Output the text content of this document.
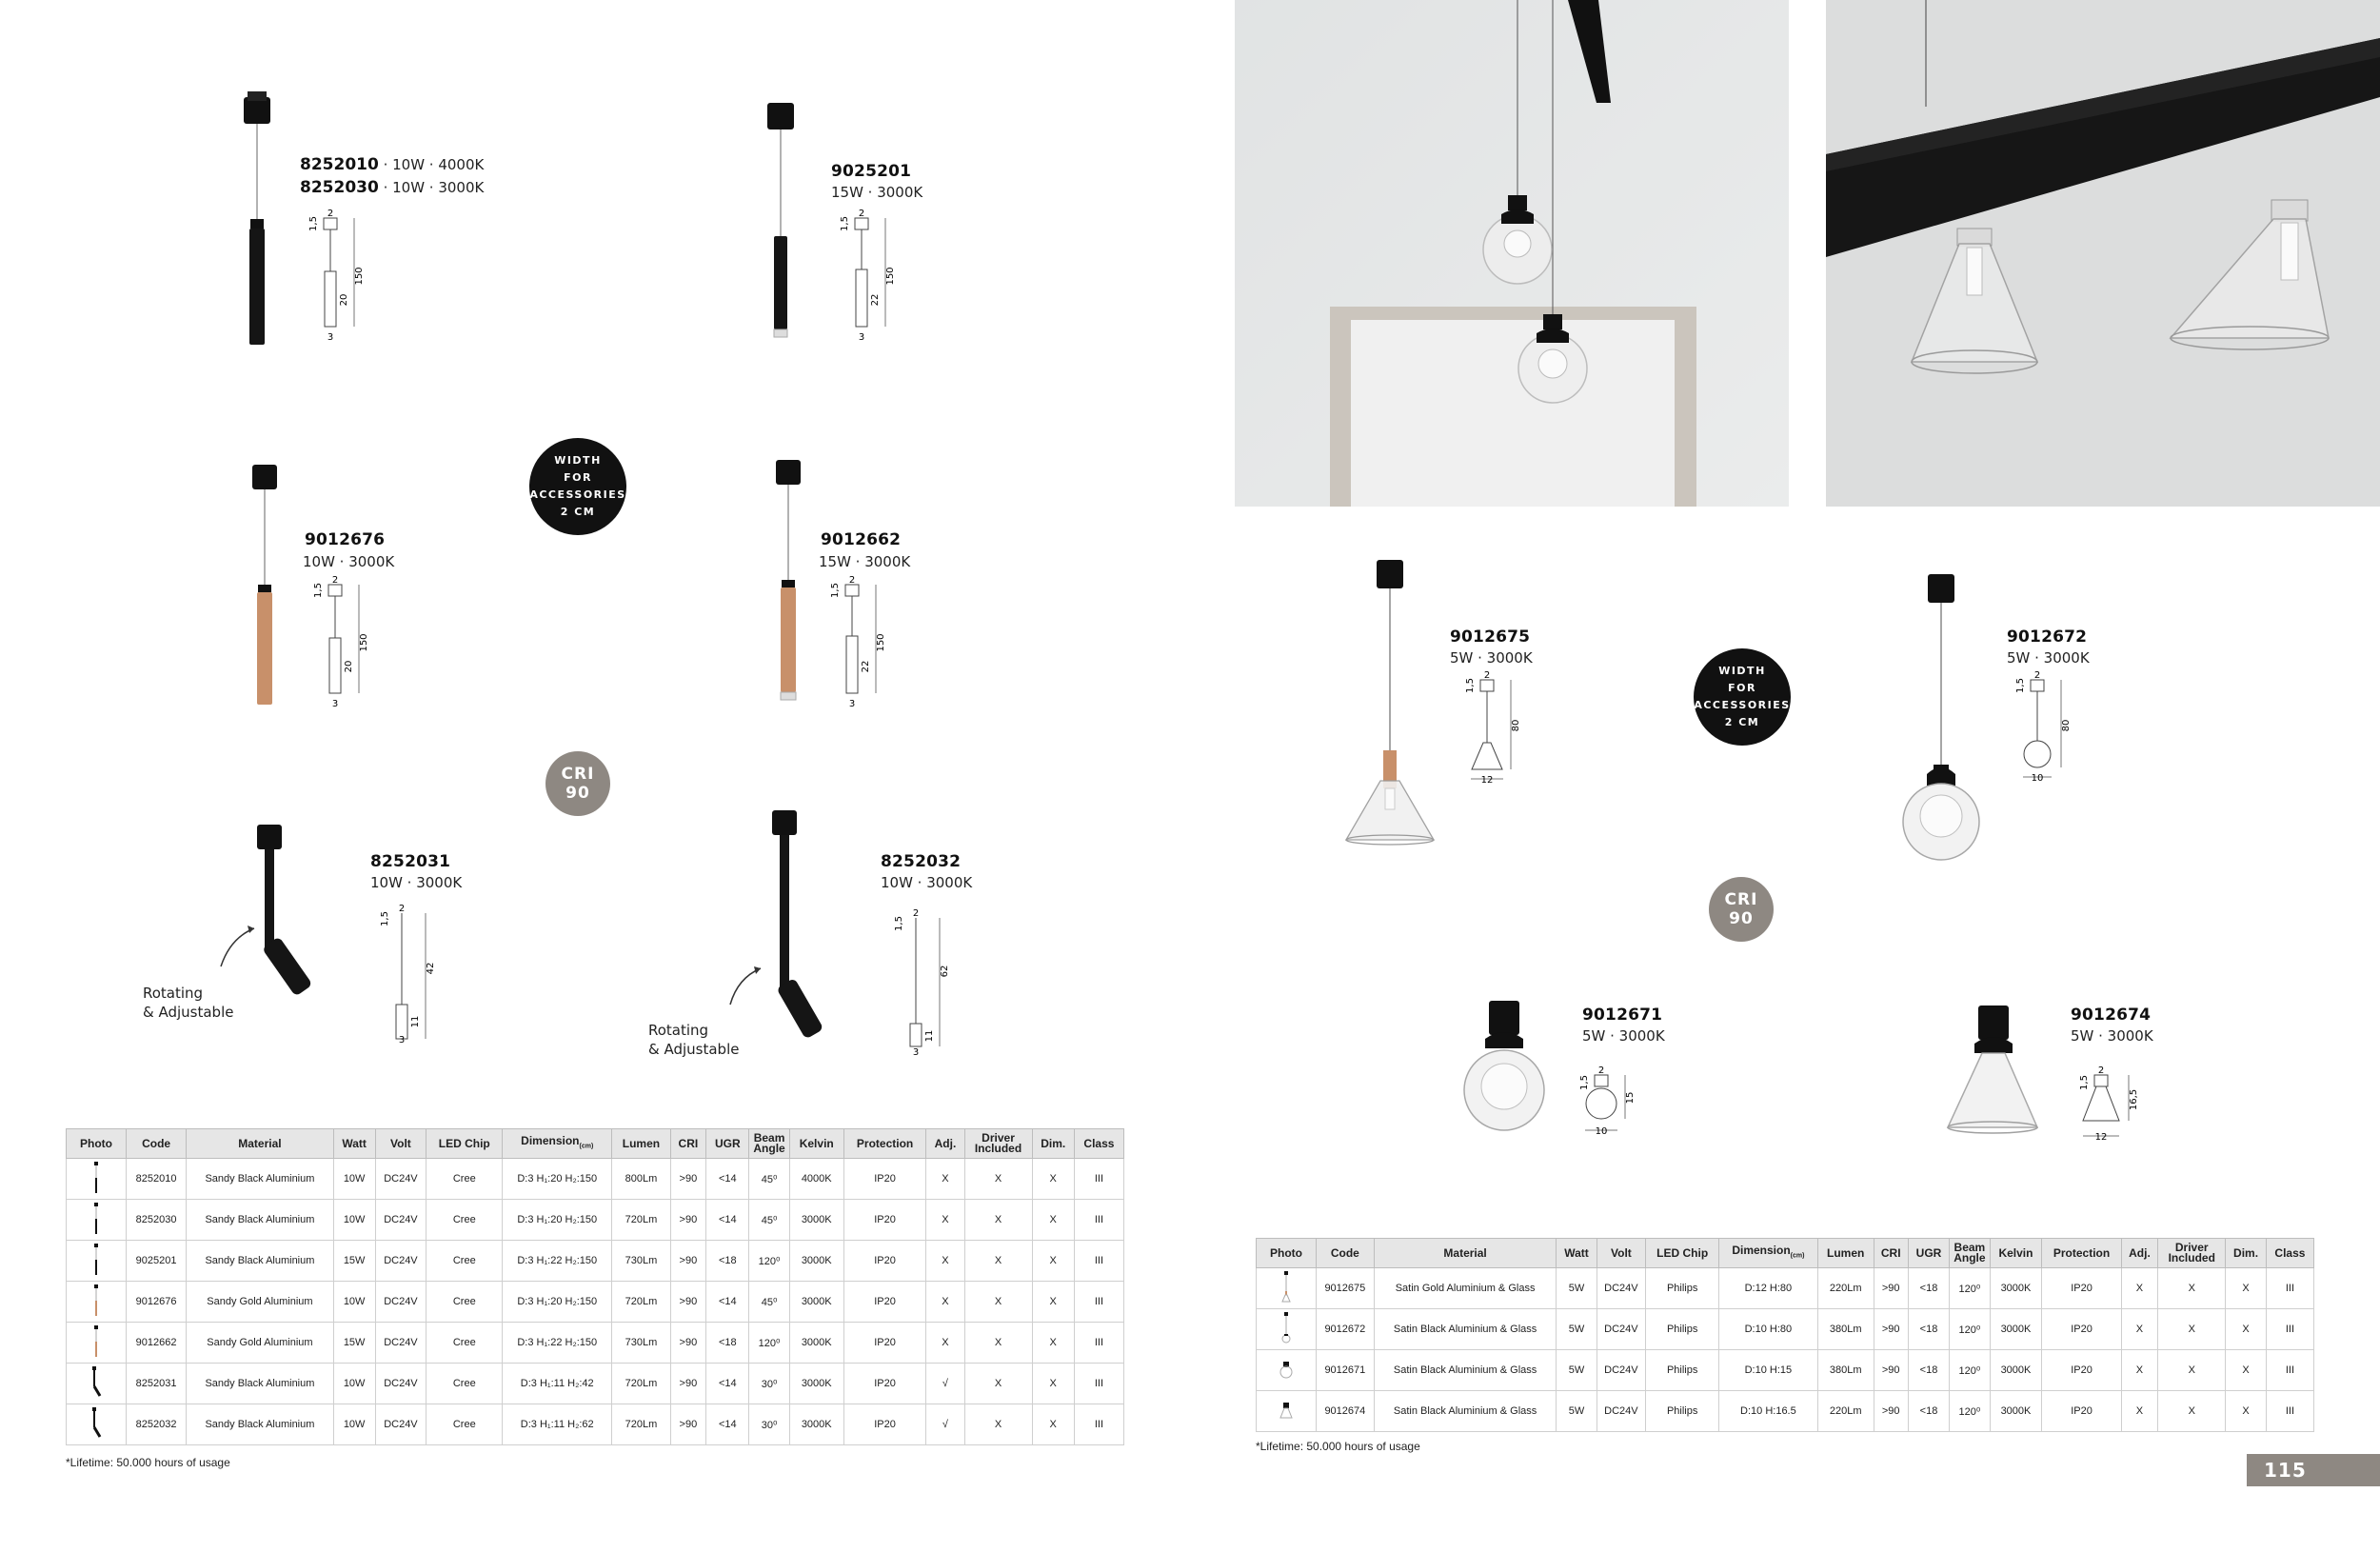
8252010 · 10W · 4000K
8252030 · 10W · 3000K
1,5
2
20
150
3
9025201
15W · 3000K
1,5
2
22
150
3
WIDTH
FOR
ACCESSORIES
2 CM
9012676
10W · 3000K
1,5
2
20
150
3
9012662
15W · 3000K
1,5
2
22
150
3
CRI
90
Rotating
& Adjustable
8252031
10W · 3000K
1,5
2
42
11
3
Rotating
& Adjustable
8252032
10W · 3000K
1,5
2
62
11
3
Photo	Code	Material	Watt	Volt	LED Chip	Dimension$_{(cm)}$	Lumen	CRI	UGR	Beam Angle	Kelvin	Protection	Adj.	Driver Included	Dim.	Class
	8252010	Sandy Black Aluminium	10W	DC24V	Cree	D:3 H₁:20 H₂:150	800Lm	>90	<14	45⁰	4000K	IP20	X	X	X	III
	8252030	Sandy Black Aluminium	10W	DC24V	Cree	D:3 H₁:20 H₂:150	720Lm	>90	<14	45⁰	3000K	IP20	X	X	X	III
	9025201	Sandy Black Aluminium	15W	DC24V	Cree	D:3 H₁:22 H₂:150	730Lm	>90	<18	120⁰	3000K	IP20	X	X	X	III
	9012676	Sandy Gold Aluminium	10W	DC24V	Cree	D:3 H₁:20 H₂:150	720Lm	>90	<14	45⁰	3000K	IP20	X	X	X	III
	9012662	Sandy Gold Aluminium	15W	DC24V	Cree	D:3 H₁:22 H₂:150	730Lm	>90	<18	120⁰	3000K	IP20	X	X	X	III
	8252031	Sandy Black Aluminium	10W	DC24V	Cree	D:3 H₁:11 H₂:42	720Lm	>90	<14	30⁰	3000K	IP20	√	X	X	III
	8252032	Sandy Black Aluminium	10W	DC24V	Cree	D:3 H₁:11 H₂:62	720Lm	>90	<14	30⁰	3000K	IP20	√	X	X	III
*Lifetime: 50.000 hours of usage
9012675
5W · 3000K
1,5
2
80
12
WIDTH
FOR
ACCESSORIES
2 CM
9012672
5W · 3000K
1,5
2
80
10
CRI
90
9012671
5W · 3000K
1,5
2
15
10
9012674
5W · 3000K
1,5
2
16,5
12
Photo	Code	Material	Watt	Volt	LED Chip	Dimension$_{(cm)}$	Lumen	CRI	UGR	Beam Angle	Kelvin	Protection	Adj.	Driver Included	Dim.	Class
	9012675	Satin Gold Aluminium & Glass	5W	DC24V	Philips	D:12 H:80	220Lm	>90	<18	120⁰	3000K	IP20	X	X	X	III
	9012672	Satin Black Aluminium & Glass	5W	DC24V	Philips	D:10 H:80	380Lm	>90	<18	120⁰	3000K	IP20	X	X	X	III
	9012671	Satin Black Aluminium & Glass	5W	DC24V	Philips	D:10 H:15	380Lm	>90	<18	120⁰	3000K	IP20	X	X	X	III
	9012674	Satin Black Aluminium & Glass	5W	DC24V	Philips	D:10 H:16.5	220Lm	>90	<18	120⁰	3000K	IP20	X	X	X	III
*Lifetime: 50.000 hours of usage
115
